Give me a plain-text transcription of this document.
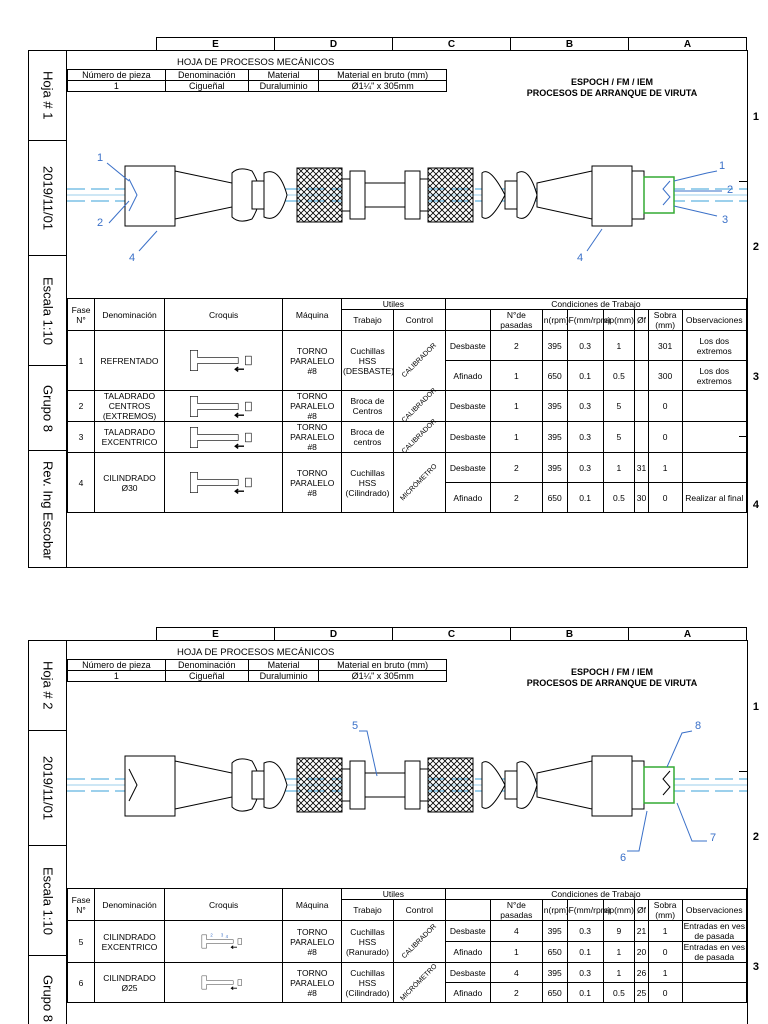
E	D	C	B	A
1
2
3
4
Hoja # 1
2019/11/01
Escala 1:10
Grupo 8
Rev. Ing Escobar
HOJA DE PROCESOS MECÁNICOS
Número de pieza	Denominación	Material	Material en bruto (mm)
1	Cigueñal	Duraluminio	Ø1¼" x 305mm	ESPOCH / FM / IEM
PROCESOS DE ARRANQUE DE VIRUTA
1
2
4
1
2
3
4
Fase N°	Denominación	Croquis	Máquina	Utiles		Condiciones de Trabajo							
				Trabajo	Control		N°de pasadas	n(rpm)	F(mm/rpm)	ap(mm)	Øf	Sobra (mm)	Observaciones
1	REFRENTADO		TORNO PARALELO #8	Cuchillas HSS (DESBASTE)	CALIBRADOR	Desbaste	2	395	0.3	1		301	Los dos extremos
						Afinado	1	650	0.1	0.5		300	Los dos extremos
2	TALADRADO CENTROS (EXTREMOS)		TORNO PARALELO #8	Broca de Centros	CALIBRADOR	Desbaste	1	395	0.3	5		0	
3	TALADRADO EXCENTRICO		TORNO PARALELO #8	Broca de centros	CALIBRADOR	Desbaste	1	395	0.3	5		0	
4	CILINDRADO Ø30		TORNO PARALELO #8	Cuchillas HSS (Cilindrado)	MICRÓMETRO	Desbaste	2	395	0.3	1	31	1	
						Afinado	2	650	0.1	0.5	30	0	Realizar al final
E	D	C	B	A
1
2
3
Hoja # 2
2019/11/01
Escala 1:10
Grupo 8
HOJA DE PROCESOS MECÁNICOS
Número de pieza	Denominación	Material	Material en bruto (mm)
1	Cigueñal	Duraluminio	Ø1¼" x 305mm	ESPOCH / FM / IEM
PROCESOS DE ARRANQUE DE VIRUTA
5	8
6
7
Fase N°	Denominación	Croquis	Máquina	Utiles		Condiciones de Trabajo							
				Trabajo	Control		N°de pasadas	n(rpm)	F(mm/rpm)	ap(mm)	Øf	Sobra (mm)	Observaciones
5	CILINDRADO EXCENTRICO	2 3 4	TORNO PARALELO #8	Cuchillas HSS (Ranurado)	CALIBRADOR	Desbaste	4	395	0.3	9	21	1	Entradas en ves de pasada
						Afinado	1	650	0.1	1	20	0	Entradas en ves de pasada
6	CILINDRADO Ø25		TORNO PARALELO #8	Cuchillas HSS (Cilindrado)	MICRÓMETRO	Desbaste	4	395	0.3	1	26	1	
						Afinado	2	650	0.1	0.5	25	0	
